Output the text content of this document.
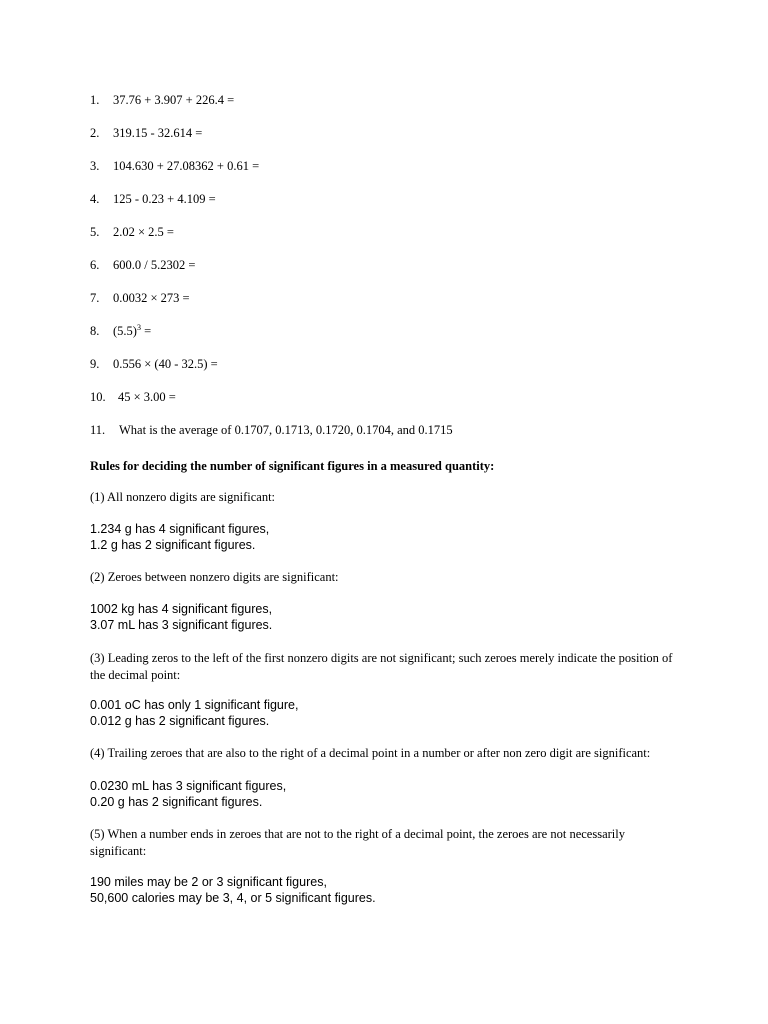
1. 37.76 + 3.907 + 226.4 =
2. 319.15 - 32.614 =
3. 104.630 + 27.08362 + 0.61 =
4. 125 - 0.23 + 4.109 =
5. 2.02 × 2.5 =
6. 600.0 / 5.2302 =
7. 0.0032 × 273 =
8. $(5.5)^3$ =
9. 0.556 × (40 - 32.5) =
10. 45 × 3.00 =
11. What is the average of 0.1707, 0.1713, 0.1720, 0.1704, and 0.1715
Rules for deciding the number of significant figures in a measured quantity:
(1) All nonzero digits are significant:
1.234 g has 4 significant figures,
1.2 g has 2 significant figures.
(2) Zeroes between nonzero digits are significant:
1002 kg has 4 significant figures,
3.07 mL has 3 significant figures.
(3) Leading zeros to the left of the first nonzero digits are not significant; such zeroes merely indicate the position of the decimal point:
0.001 oC has only 1 significant figure,
0.012 g has 2 significant figures.
(4) Trailing zeroes that are also to the right of a decimal point in a number or after non zero digit are significant:
0.0230 mL has 3 significant figures,
0.20 g has 2 significant figures.
(5) When a number ends in zeroes that are not to the right of a decimal point, the zeroes are not necessarily significant:
190 miles may be 2 or 3 significant figures,
50,600 calories may be 3, 4, or 5 significant figures.
